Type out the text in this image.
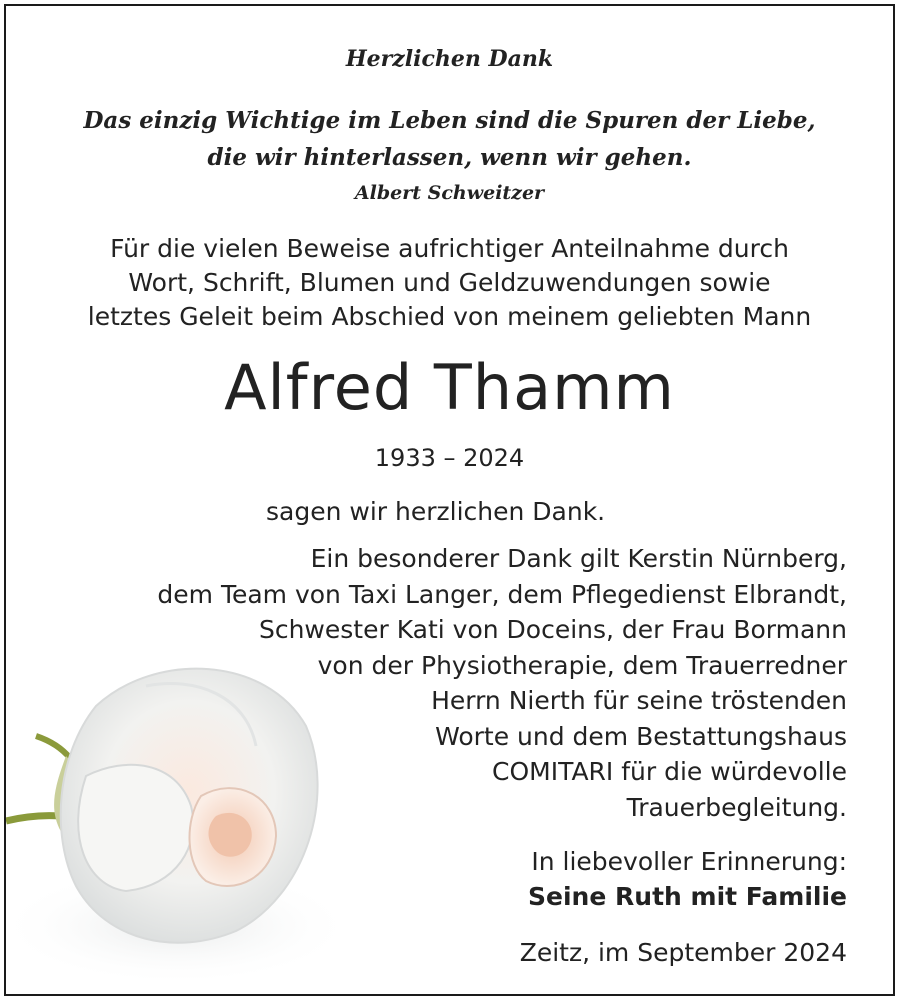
Herzlichen Dank
Das einzig Wichtige im Leben sind die Spuren der Liebe,
die wir hinterlassen, wenn wir gehen.
Albert Schweitzer
Für die vielen Beweise aufrichtiger Anteilnahme durch
Wort, Schrift, Blumen und Geldzuwendungen sowie
letztes Geleit beim Abschied von meinem geliebten Mann
Alfred Thamm
1933 – 2024
sagen wir herzlichen Dank.
Ein besonderer Dank gilt Kerstin Nürnberg,
dem Team von Taxi Langer, dem Pflegedienst Elbrandt,
Schwester Kati von Doceins, der Frau Bormann
von der Physiotherapie, dem Trauerredner
Herrn Nierth für seine tröstenden
Worte und dem Bestattungshaus
COMITARI für die würdevolle
Trauerbegleitung.
In liebevoller Erinnerung:
Seine Ruth mit Familie
Zeitz, im September 2024
